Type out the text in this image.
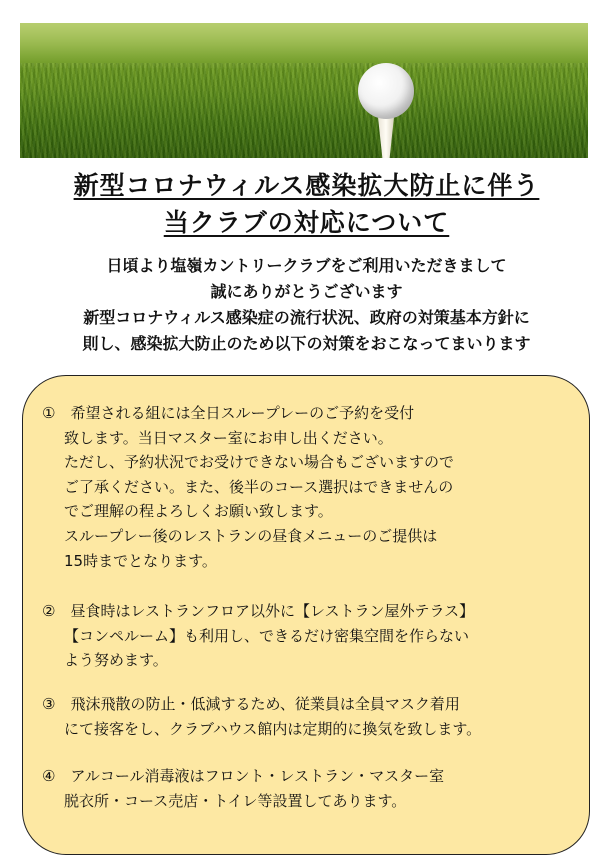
新型コロナウィルス感染拡大防止に伴う
当クラブの対応について

日頃より塩嶺カントリークラブをご利用いただきまして

誠にありがとうございます

新型コロナウィルス感染症の流行状況、政府の対策基本方針に

則し、感染拡大防止のため以下の対策をおこなってまいります

①　希望される組には全日スループレーのご予約を受付

致します。当日マスター室にお申し出ください。

ただし、予約状況でお受けできない場合もございますので

ご了承ください。また、後半のコース選択はできませんの

でご理解の程よろしくお願い致します。

スループレー後のレストランの昼食メニューのご提供は

15時までとなります。

②　昼食時はレストランフロア以外に【レストラン屋外テラス】

【コンペルーム】も利用し、できるだけ密集空間を作らない

よう努めます。

③　飛沫飛散の防止・低減するため、従業員は全員マスク着用

にて接客をし、クラブハウス館内は定期的に換気を致します。

④　アルコール消毒液はフロント・レストラン・マスター室

脱衣所・コース売店・トイレ等設置してあります。
